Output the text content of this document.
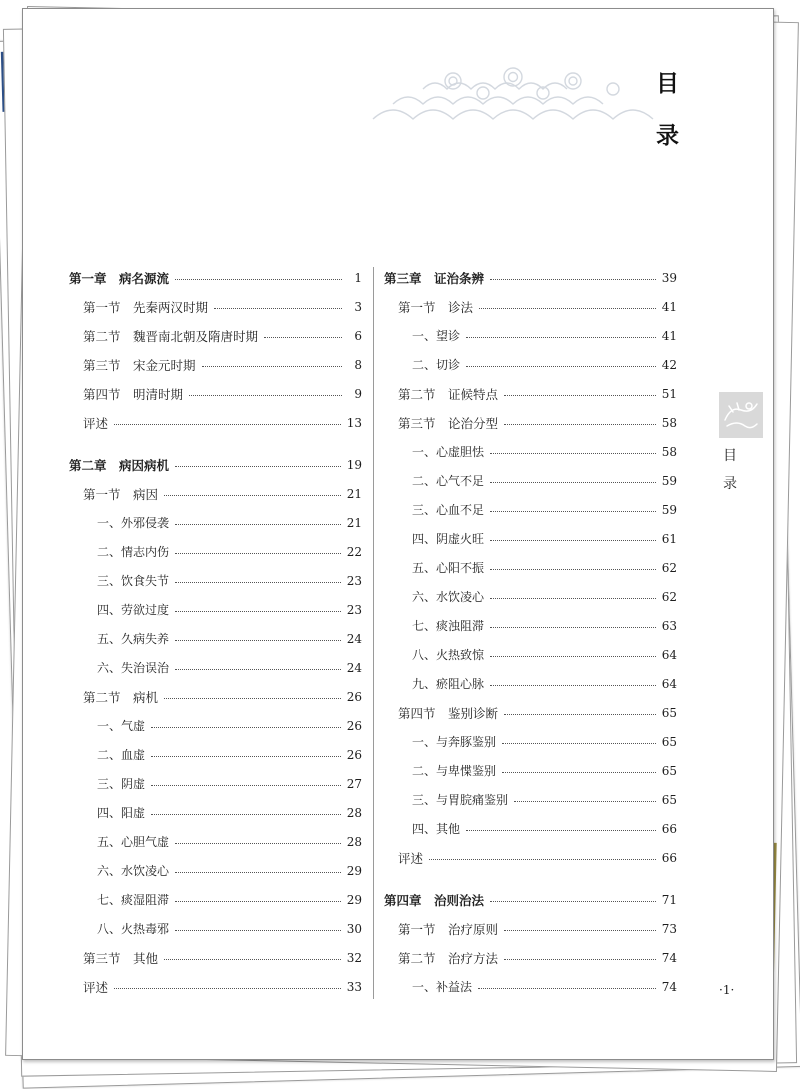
目
录
目
录
第一章　病名源流	1
第一节　先秦两汉时期	3
第二节　魏晋南北朝及隋唐时期	6
第三节　宋金元时期	8
第四节　明清时期	9
评述	13
第二章　病因病机	19
第一节　病因	21
一、外邪侵袭	21
二、情志内伤	22
三、饮食失节	23
四、劳欲过度	23
五、久病失养	24
六、失治误治	24
第二节　病机	26
一、气虚	26
二、血虚	26
三、阴虚	27
四、阳虚	28
五、心胆气虚	28
六、水饮凌心	29
七、痰湿阻滞	29
八、火热毒邪	30
第三节　其他	32
评述	33
第三章　证治条辨	39
第一节　诊法	41
一、望诊	41
二、切诊	42
第二节　证候特点	51
第三节　论治分型	58
一、心虚胆怯	58
二、心气不足	59
三、心血不足	59
四、阴虚火旺	61
五、心阳不振	62
六、水饮凌心	62
七、痰浊阻滞	63
八、火热致惊	64
九、瘀阻心脉	64
第四节　鉴别诊断	65
一、与奔豚鉴别	65
二、与卑惵鉴别	65
三、与胃脘痛鉴别	65
四、其他	66
评述	66
第四章　治则治法	71
第一节　治疗原则	73
第二节　治疗方法	74
一、补益法	74	·1·
